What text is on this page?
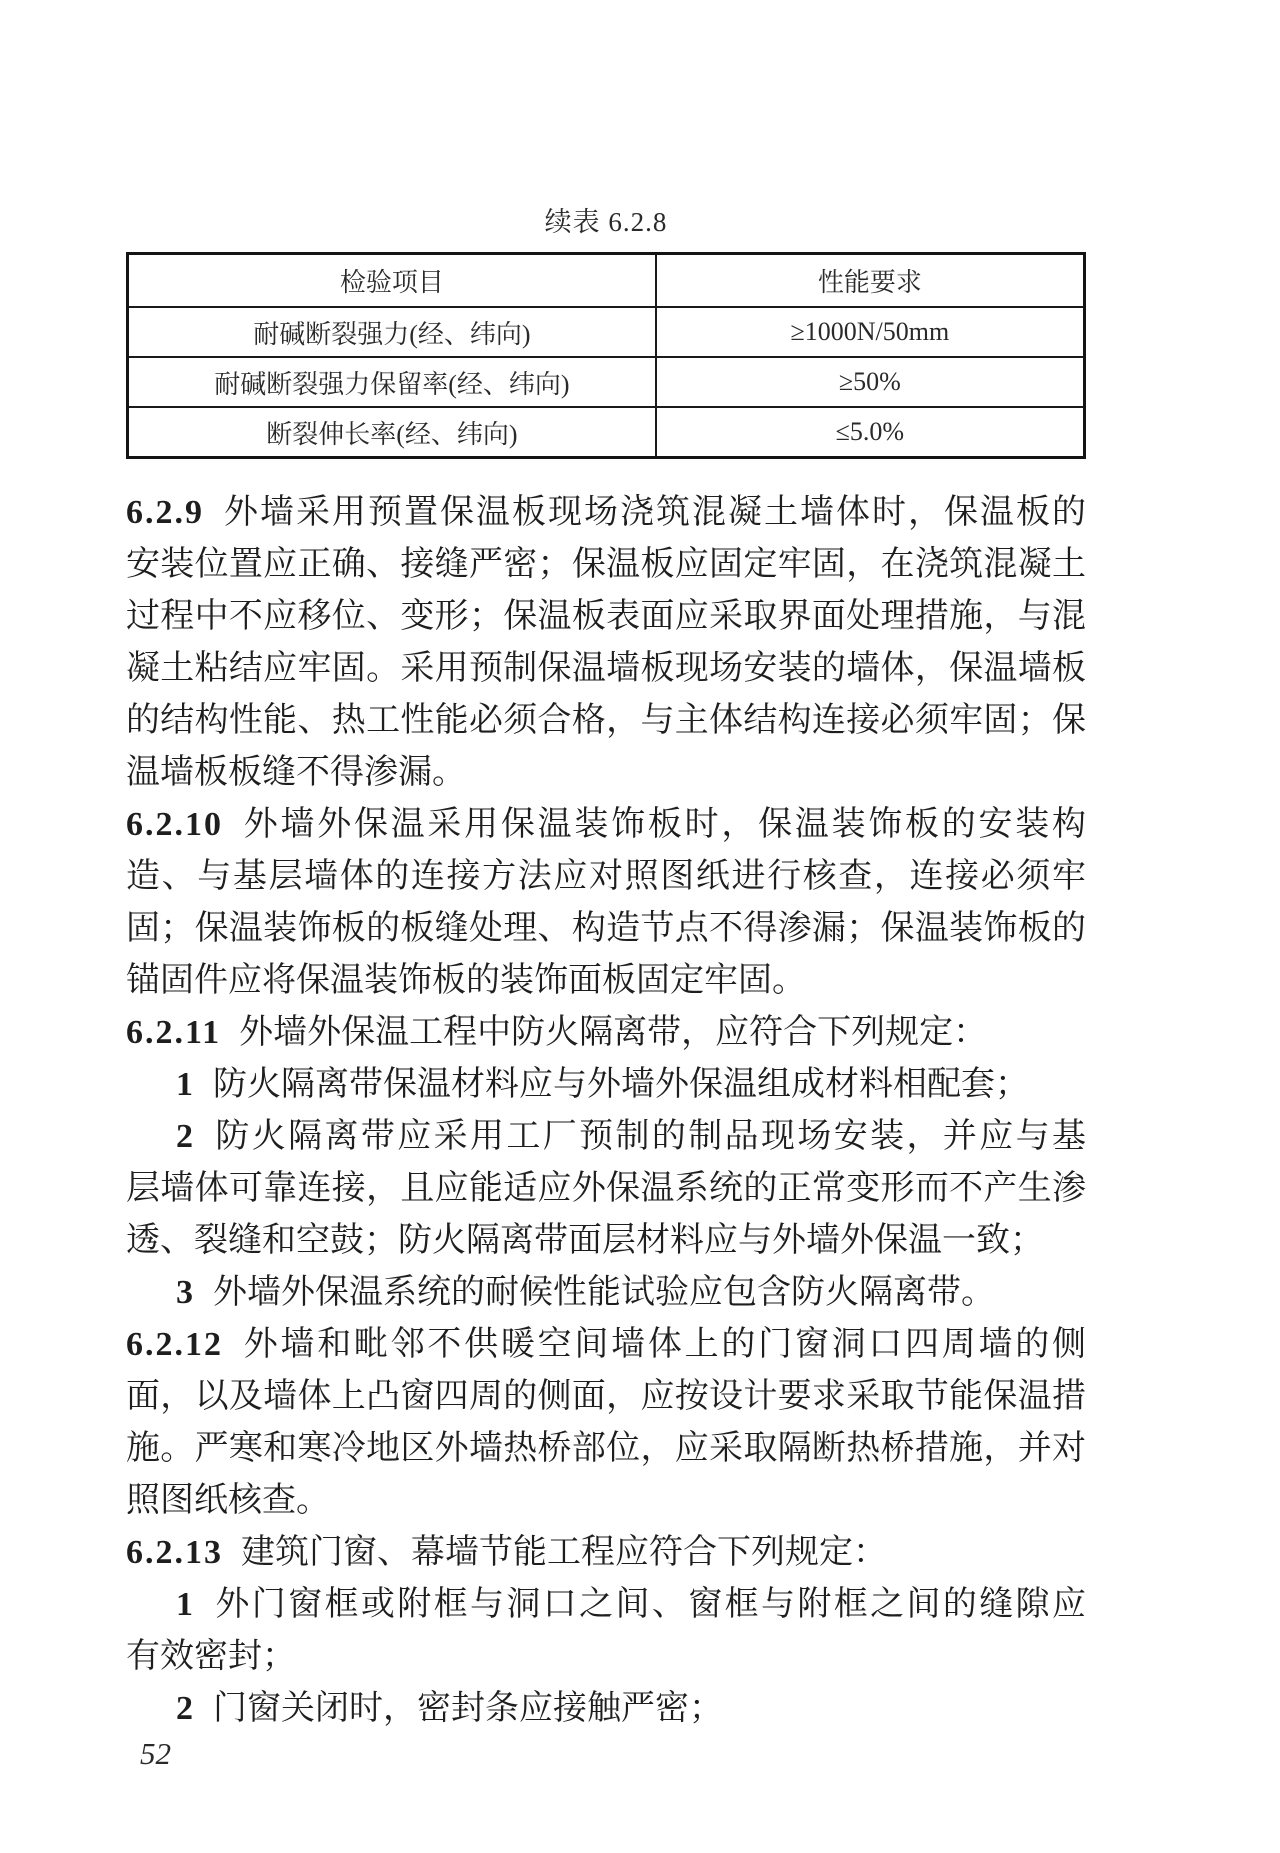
续表 6.2.8
检验项目	性能要求
耐碱断裂强力(经、纬向)	≥1000N/50mm
耐碱断裂强力保留率(经、纬向)	≥50%
断裂伸长率(经、纬向)	≤5.0%
6.2.9 外墙采用预置保温板现场浇筑混凝土墙体时，保温板的
安装位置应正确、接缝严密；保温板应固定牢固，在浇筑混凝土
过程中不应移位、变形；保温板表面应采取界面处理措施，与混
凝土粘结应牢固。采用预制保温墙板现场安装的墙体，保温墙板
的结构性能、热工性能必须合格，与主体结构连接必须牢固；保
温墙板板缝不得渗漏。
6.2.10 外墙外保温采用保温装饰板时，保温装饰板的安装构
造、与基层墙体的连接方法应对照图纸进行核查，连接必须牢
固；保温装饰板的板缝处理、构造节点不得渗漏；保温装饰板的
锚固件应将保温装饰板的装饰面板固定牢固。
6.2.11 外墙外保温工程中防火隔离带，应符合下列规定：
1 防火隔离带保温材料应与外墙外保温组成材料相配套；
2 防火隔离带应采用工厂预制的制品现场安装，并应与基
层墙体可靠连接，且应能适应外保温系统的正常变形而不产生渗
透、裂缝和空鼓；防火隔离带面层材料应与外墙外保温一致；
3 外墙外保温系统的耐候性能试验应包含防火隔离带。
6.2.12 外墙和毗邻不供暖空间墙体上的门窗洞口四周墙的侧
面，以及墙体上凸窗四周的侧面，应按设计要求采取节能保温措
施。严寒和寒冷地区外墙热桥部位，应采取隔断热桥措施，并对
照图纸核查。
6.2.13 建筑门窗、幕墙节能工程应符合下列规定：
1 外门窗框或附框与洞口之间、窗框与附框之间的缝隙应
有效密封；
2 门窗关闭时，密封条应接触严密；
52
